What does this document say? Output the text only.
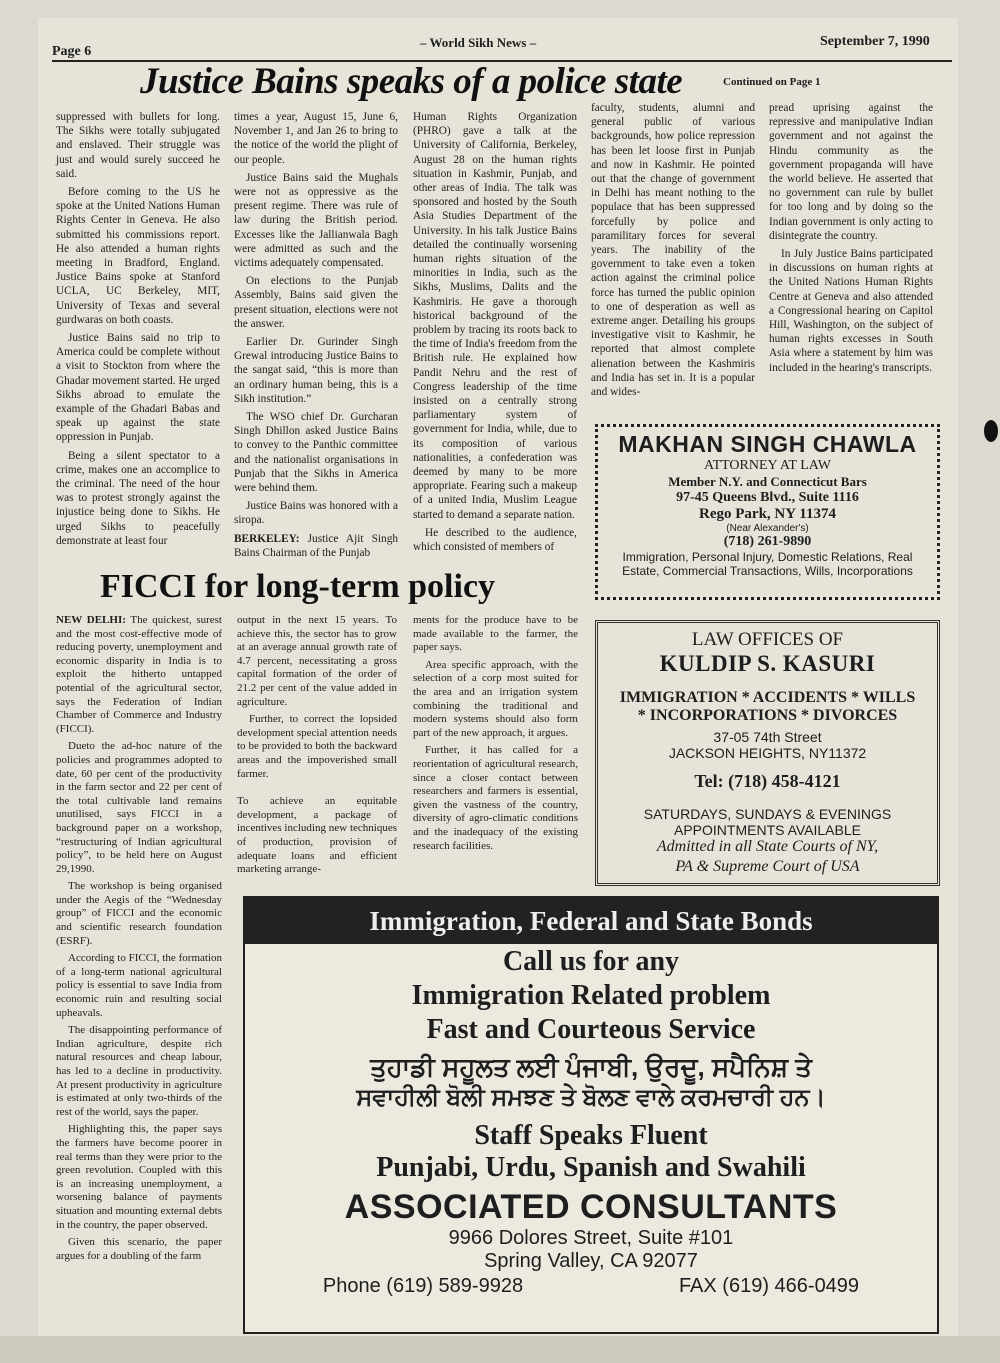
Page 6
– World Sikh News –	September 7, 1990
Justice Bains speaks of a police state	Continued on Page 1

suppressed with bullets for long. The Sikhs were totally subjugated and enslaved. Their struggle was just and would surely succeed he said.

Before coming to the US he spoke at the United Nations Human Rights Center in Geneva. He also submitted his commissions report. He also attended a human rights meeting in Bradford, England. Justice Bains spoke at Stanford UCLA, UC Berkeley, MIT, University of Texas and several gurdwaras on both coasts.

Justice Bains said no trip to America could be complete without a visit to Stockton from where the Ghadar movement started. He urged Sikhs abroad to emulate the example of the Ghadari Babas and speak up against the state oppression in Punjab.

Being a silent spectator to a crime, makes one an accomplice to the criminal. The need of the hour was to protest strongly against the injustice being done to Sikhs. He urged Sikhs to peacefully demonstrate at least four

times a year, August 15, June 6, November 1, and Jan 26 to bring to the notice of the world the plight of our people.

Justice Bains said the Mughals were not as oppressive as the present regime. There was rule of law during the British period. Excesses like the Jallianwala Bagh were admitted as such and the victims adequately compensated.

On elections to the Punjab Assembly, Bains said given the present situation, elections were not the answer.

Earlier Dr. Gurinder Singh Grewal introducing Justice Bains to the sangat said, “this is more than an ordinary human being, this is a Sikh institution.”

The WSO chief Dr. Gurcharan Singh Dhillon asked Justice Bains to convey to the Panthic committee and the nationalist organisations in Punjab that the Sikhs in America were behind them.

Justice Bains was honored with a siropa.

BERKELEY: Justice Ajit Singh Bains Chairman of the Punjab

Human Rights Organization (PHRO) gave a talk at the University of California, Berkeley, August 28 on the human rights situation in Kashmir, Punjab, and other areas of India. The talk was sponsored and hosted by the South Asia Studies Department of the University. In his talk Justice Bains detailed the continually worsening human rights situation of the minorities in India, such as the Sikhs, Muslims, Dalits and the Kashmiris. He gave a thorough historical background of the problem by tracing its roots back to the time of India's freedom from the British rule. He explained how Pandit Nehru and the rest of Congress leadership of the time insisted on a centrally strong parliamentary system of government for India, while, due to its composition of various nationalities, a confederation was deemed by many to be more appropriate. Fearing such a makeup of a united India, Muslim League started to demand a separate nation.

He described to the audience, which consisted of members of

faculty, students, alumni and general public of various backgrounds, how police repression has been let loose first in Punjab and now in Kashmir. He pointed out that the change of government in Delhi has meant nothing to the populace that has been suppressed forcefully by police and paramilitary forces for several years. The inability of the government to take even a token action against the criminal police force has turned the public opinion to one of desperation as well as extreme anger. Detailing his groups investigative visit to Kashmir, he reported that almost complete alienation between the Kashmiris and India has set in. It is a popular and wides-

pread uprising against the repressive and manipulative Indian government and not against the Hindu community as the government propaganda will have the world believe. He asserted that no government can rule by bullet for too long and by doing so the Indian government is only acting to disintegrate the country.

In July Justice Bains participated in discussions on human rights at the United Nations Human Rights Centre at Geneva and also attended a Congressional hearing on Capitol Hill, Washington, on the subject of human rights excesses in South Asia where a statement by him was included in the hearing's transcripts.

MAKHAN SINGH CHAWLA
ATTORNEY AT LAW
Member N.Y. and Connecticut Bars
97-45 Queens Blvd., Suite 1116
Rego Park, NY 11374
(Near Alexander's)
(718) 261-9890
Immigration, Personal Injury, Domestic Relations, Real Estate, Commercial Transactions, Wills, Incorporations
FICCI for long-term policy

NEW DELHI: The quickest, surest and the most cost-effective mode of reducing poverty, unemployment and economic disparity in India is to exploit the hitherto untapped potential of the agricultural sector, says the Federation of Indian Chamber of Commerce and Industry (FICCI).

Dueto the ad-hoc nature of the policies and programmes adopted to date, 60 per cent of the productivity in the farm sector and 22 per cent of the total cultivable land remains unutilised, says FICCI in a background paper on a workshop, “restructuring of Indian agricultural policy”, to be held here on August 29,1990.

The workshop is being organised under the Aegis of the “Wednesday group” of FICCI and the economic and scientific research foundation (ESRF).

According to FICCI, the formation of a long-term national agricultural policy is essential to save India from economic ruin and resulting social upheavals.

The disappointing performance of Indian agriculture, despite rich natural resources and cheap labour, has led to a decline in productivity. At present productivity in agriculture is estimated at only two-thirds of the rest of the world, says the paper.

Highlighting this, the paper says the farmers have become poorer in real terms than they were prior to the green revolution. Coupled with this is an increasing unemployment, a worsening balance of payments situation and mounting external debts in the country, the paper observed.

Given this scenario, the paper argues for a doubling of the farm

output in the next 15 years. To achieve this, the sector has to grow at an average annual growth rate of 4.7 percent, necessitating a gross capital formation of the order of 21.2 per cent of the value added in agriculture.

Further, to correct the lopsided development special attention needs to be provided to both the backward areas and the impoverished small farmer.

To achieve an equitable development, a package of incentives including new techniques of production, provision of adequate loans and efficient marketing arrange-

ments for the produce have to be made available to the farmer, the paper says.

Area specific approach, with the selection of a corp most suited for the area and an irrigation system combining the traditional and modern systems should also form part of the new approach, it argues.

Further, it has called for a reorientation of agricultural research, since a closer contact between researchers and farmers is essential, given the vastness of the country, diversity of agro-climatic conditions and the inadequacy of the existing research facilities.

LAW OFFICES OF
KULDIP S. KASURI
IMMIGRATION * ACCIDENTS * WILLS
* INCORPORATIONS * DIVORCES
37-05 74th Street
JACKSON HEIGHTS, NY11372
Tel: (718) 458-4121
SATURDAYS, SUNDAYS & EVENINGS
APPOINTMENTS AVAILABLE
Admitted in all State Courts of NY,
PA & Supreme Court of USA
Immigration, Federal and State Bonds
Call us for any
Immigration Related problem
Fast and Courteous Service
ਤੁਹਾਡੀ ਸਹੂਲਤ ਲਈ ਪੰਜਾਬੀ, ਉਰਦੂ, ਸਪੈਨਿਸ਼ ਤੇ
ਸਵਾਹੀਲੀ ਬੋਲੀ ਸਮਝਣ ਤੇ ਬੋਲਣ ਵਾਲੇ ਕਰਮਚਾਰੀ ਹਨ।
Staff Speaks Fluent
Punjabi, Urdu, Spanish and Swahili
ASSOCIATED CONSULTANTS
9966 Dolores Street, Suite #101
Spring Valley, CA 92077
Phone (619) 589-9928	FAX (619) 466-0499
